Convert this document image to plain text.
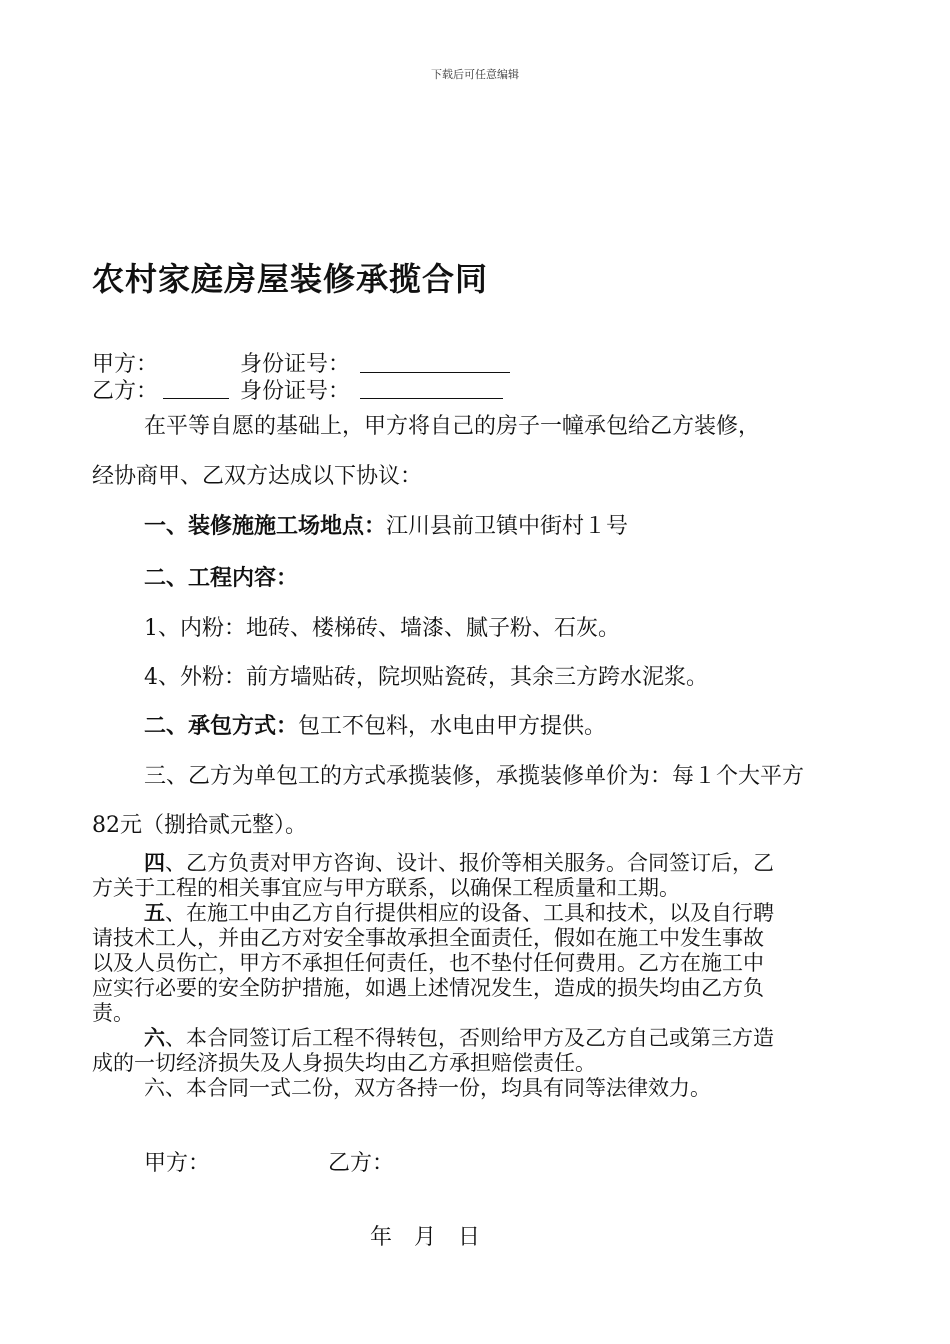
下载后可任意编辑
农村家庭房屋装修承揽合同
甲方：	身份证号：
乙方：	身份证号：
在平等自愿的基础上，甲方将自己的房子一幢承包给乙方装修，
经协商甲、乙双方达成以下协议：
一、装修施施工场地点：江川县前卫镇中街村１号
二、工程内容：
1、内粉：地砖、楼梯砖、墙漆、腻子粉、石灰。
4、外粉：前方墙贴砖，院坝贴瓷砖，其余三方跨水泥浆。
二、承包方式：包工不包料，水电由甲方提供。
三、乙方为单包工的方式承揽装修，承揽装修单价为：每１个大平方
82元（捌拾贰元整）。
四、乙方负责对甲方咨询、设计、报价等相关服务。合同签订后，乙
方关于工程的相关事宜应与甲方联系，以确保工程质量和工期。
五、在施工中由乙方自行提供相应的设备、工具和技术，以及自行聘
请技术工人，并由乙方对安全事故承担全面责任，假如在施工中发生事故
以及人员伤亡，甲方不承担任何责任，也不垫付任何费用。乙方在施工中
应实行必要的安全防护措施，如遇上述情况发生，造成的损失均由乙方负
责。
六、本合同签订后工程不得转包，否则给甲方及乙方自己或第三方造
成的一切经济损失及人身损失均由乙方承担赔偿责任。
六、本合同一式二份，双方各持一份，均具有同等法律效力。
甲方：	乙方：
年　月　日
